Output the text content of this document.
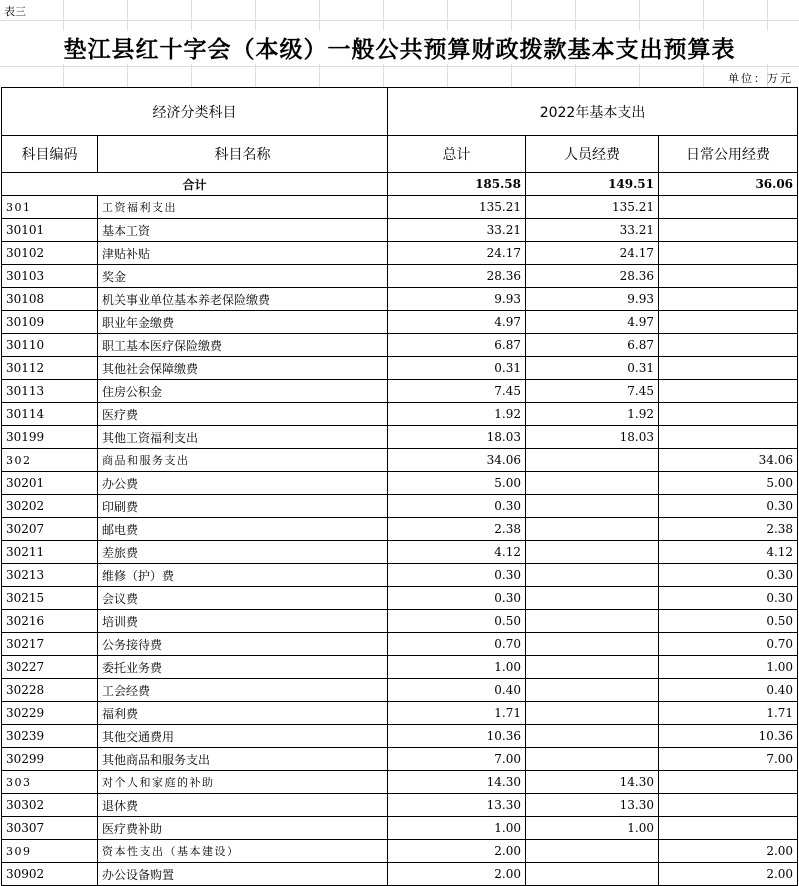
表三
垫江县红十字会（本级）一般公共预算财政拨款基本支出预算表
单位：万元
经济分类科目		2022年基本支出		
科目编码	科目名称	总计	人员经费	日常公用经费
合计		185.58	149.51	36.06
301	工资福利支出	135.21	135.21	
30101	基本工资	33.21	33.21	
30102	津贴补贴	24.17	24.17	
30103	奖金	28.36	28.36	
30108	机关事业单位基本养老保险缴费	9.93	9.93	
30109	职业年金缴费	4.97	4.97	
30110	职工基本医疗保险缴费	6.87	6.87	
30112	其他社会保障缴费	0.31	0.31	
30113	住房公积金	7.45	7.45	
30114	医疗费	1.92	1.92	
30199	其他工资福利支出	18.03	18.03	
302	商品和服务支出	34.06		34.06
30201	办公费	5.00		5.00
30202	印刷费	0.30		0.30
30207	邮电费	2.38		2.38
30211	差旅费	4.12		4.12
30213	维修（护）费	0.30		0.30
30215	会议费	0.30		0.30
30216	培训费	0.50		0.50
30217	公务接待费	0.70		0.70
30227	委托业务费	1.00		1.00
30228	工会经费	0.40		0.40
30229	福利费	1.71		1.71
30239	其他交通费用	10.36		10.36
30299	其他商品和服务支出	7.00		7.00
303	对个人和家庭的补助	14.30	14.30	
30302	退休费	13.30	13.30	
30307	医疗费补助	1.00	1.00	
309	资本性支出（基本建设）	2.00		2.00
30902	办公设备购置	2.00		2.00
